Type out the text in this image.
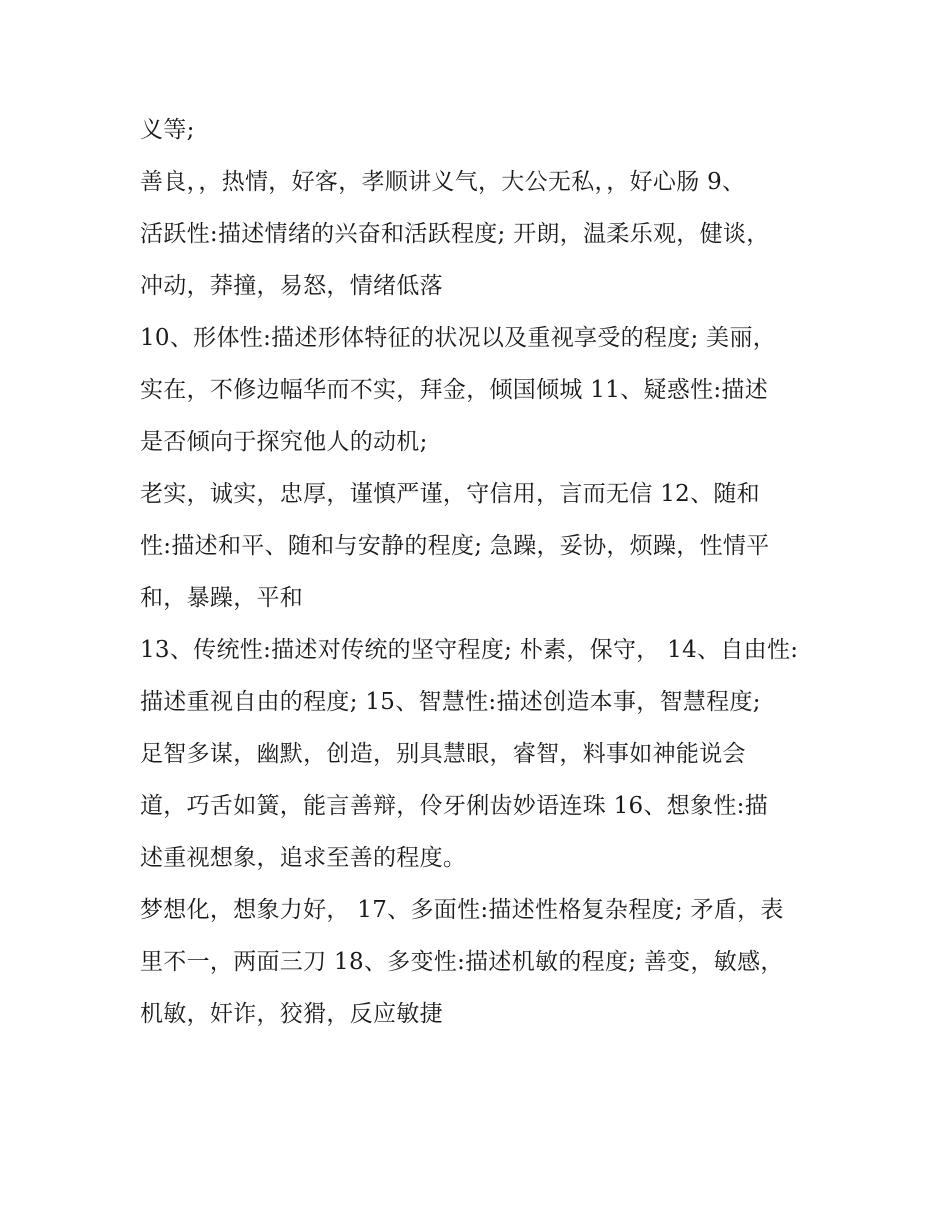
义等;
善良，，热情，好客，孝顺讲义气，大公无私，，好心肠 9、
活跃性:描述情绪的兴奋和活跃程度; 开朗，温柔乐观，健谈，
冲动，莽撞，易怒，情绪低落
10、形体性:描述形体特征的状况以及重视享受的程度; 美丽，
实在，不修边幅华而不实，拜金，倾国倾城 11、疑惑性:描述
是否倾向于探究他人的动机;
老实，诚实，忠厚，谨慎严谨，守信用，言而无信 12、随和
性:描述和平、随和与安静的程度; 急躁，妥协，烦躁，性情平
和，暴躁，平和
13、传统性:描述对传统的坚守程度; 朴素，保守， 14、自由性:
描述重视自由的程度; 15、智慧性:描述创造本事，智慧程度;
足智多谋，幽默，创造，别具慧眼，睿智，料事如神能说会
道，巧舌如簧，能言善辩，伶牙俐齿妙语连珠 16、想象性:描
述重视想象，追求至善的程度。
梦想化，想象力好， 17、多面性:描述性格复杂程度; 矛盾，表
里不一，两面三刀 18、多变性:描述机敏的程度; 善变，敏感，
机敏，奸诈，狡猾，反应敏捷
